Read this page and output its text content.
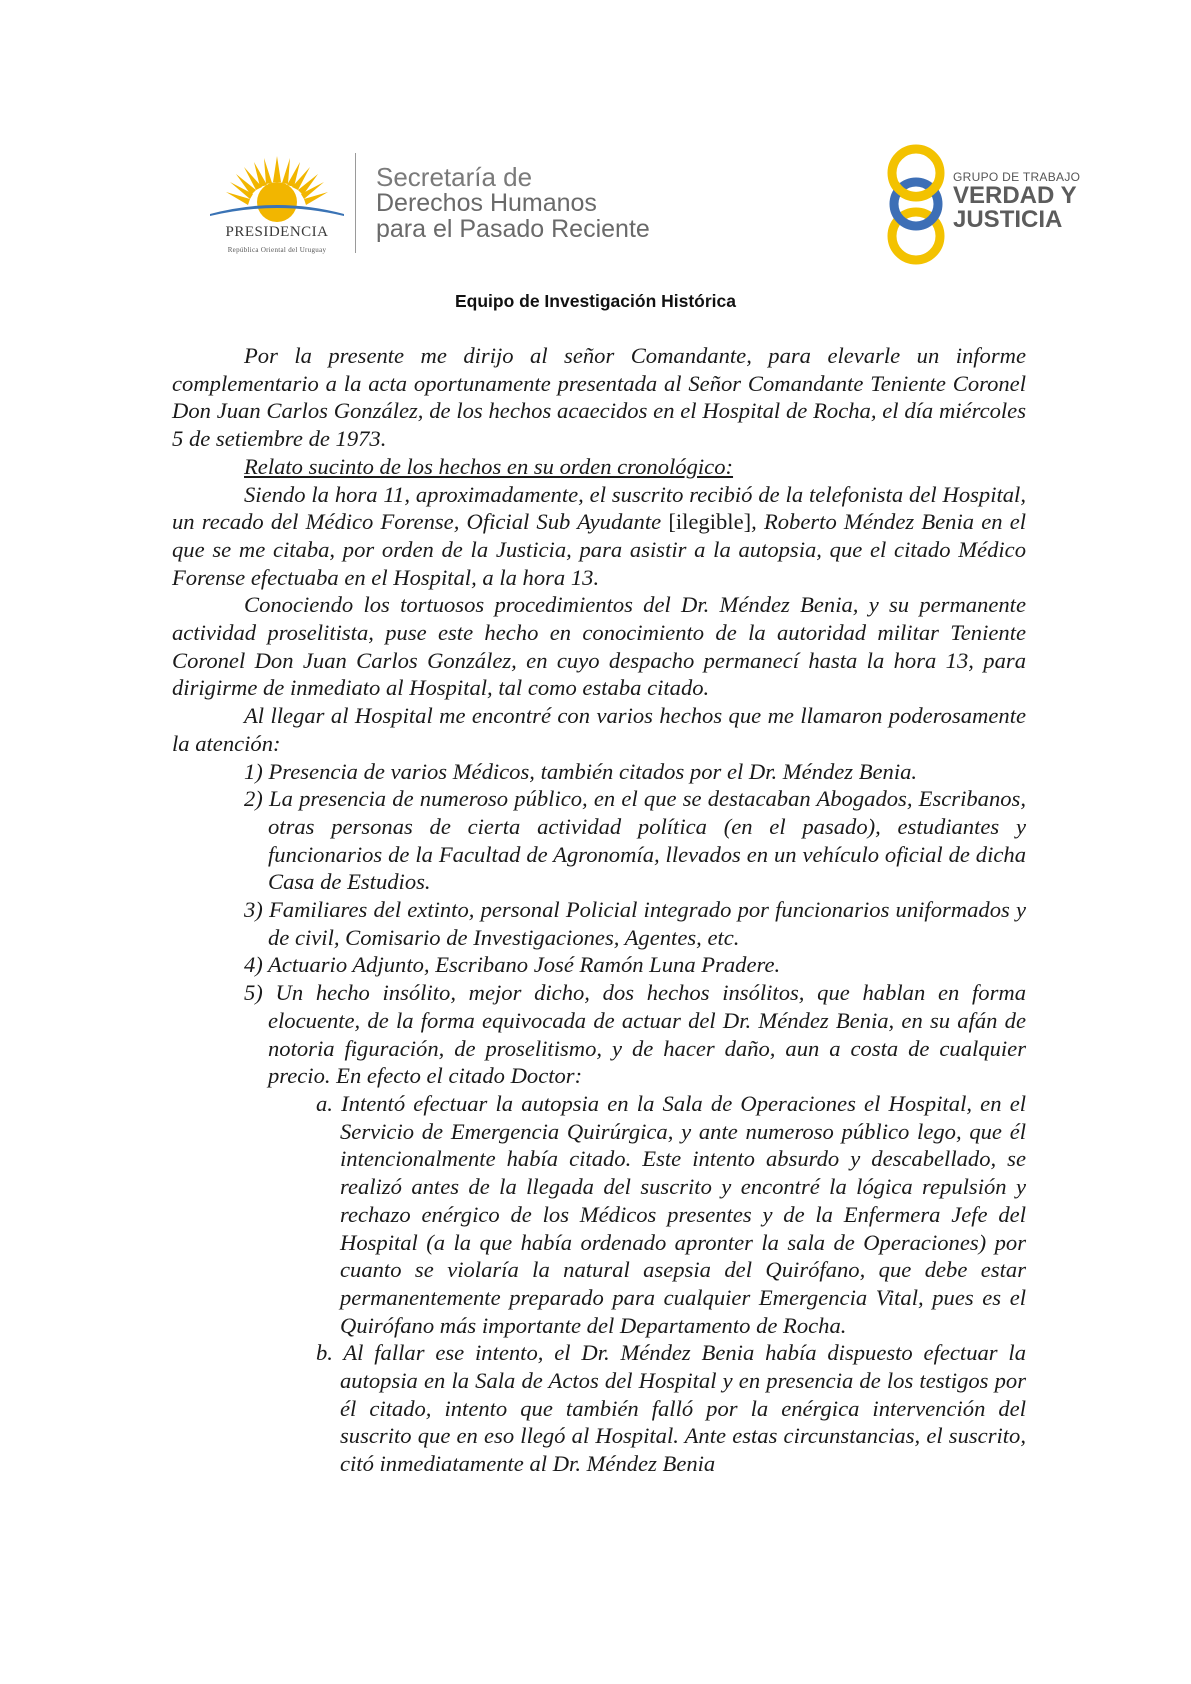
PRESIDENCIA
República Oriental del Uruguay
Secretaría de
Derechos Humanos
para el Pasado Reciente
GRUPO DE TRABAJO
VERDAD Y
JUSTICIA
Equipo de Investigación Histórica

Por la presente me dirijo al señor Comandante, para elevarle un informe complementario a la acta oportunamente presentada al Señor Comandante Teniente Coronel Don Juan Carlos González, de los hechos acaecidos en el Hospital de Rocha, el día miércoles 5 de setiembre de 1973.

Relato sucinto de los hechos en su orden cronológico:

Siendo la hora 11, aproximadamente, el suscrito recibió de la telefonista del Hospital, un recado del Médico Forense, Oficial Sub Ayudante [ilegible], Roberto Méndez Benia en el que se me citaba, por orden de la Justicia, para asistir a la autopsia, que el citado Médico Forense efectuaba en el Hospital, a la hora 13.

Conociendo los tortuosos procedimientos del Dr. Méndez Benia, y su permanente actividad proselitista, puse este hecho en conocimiento de la autoridad militar Teniente Coronel Don Juan Carlos González, en cuyo despacho permanecí hasta la hora 13, para dirigirme de inmediato al Hospital, tal como estaba citado.

Al llegar al Hospital me encontré con varios hechos que me llamaron poderosamente la atención:

1) Presencia de varios Médicos, también citados por el Dr. Méndez Benia.

2) La presencia de numeroso público, en el que se destacaban Abogados, Escribanos, otras personas de cierta actividad política (en el pasado), estudiantes y funcionarios de la Facultad de Agronomía, llevados en un vehículo oficial de dicha Casa de Estudios.

3) Familiares del extinto, personal Policial integrado por funcionarios uniformados y de civil, Comisario de Investigaciones, Agentes, etc.

4) Actuario Adjunto, Escribano José Ramón Luna Pradere.

5) Un hecho insólito, mejor dicho, dos hechos insólitos, que hablan en forma elocuente, de la forma equivocada de actuar del Dr. Méndez Benia, en su afán de notoria figuración, de proselitismo, y de hacer daño, aun a costa de cualquier precio. En efecto el citado Doctor:

a. Intentó efectuar la autopsia en la Sala de Operaciones el Hospital, en el Servicio de Emergencia Quirúrgica, y ante numeroso público lego, que él intencionalmente había citado. Este intento absurdo y descabellado, se realizó antes de la llegada del suscrito y encontré la lógica repulsión y rechazo enérgico de los Médicos presentes y de la Enfermera Jefe del Hospital (a la que había ordenado apronter la sala de Operaciones) por cuanto se violaría la natural asepsia del Quirófano, que debe estar permanentemente preparado para cualquier Emergencia Vital, pues es el Quirófano más importante del Departamento de Rocha.

b. Al fallar ese intento, el Dr. Méndez Benia había dispuesto efectuar la autopsia en la Sala de Actos del Hospital y en presencia de los testigos por él citado, intento que también falló por la enérgica intervención del suscrito que en eso llegó al Hospital. Ante estas circunstancias, el suscrito, citó inmediatamente al Dr. Méndez Benia
